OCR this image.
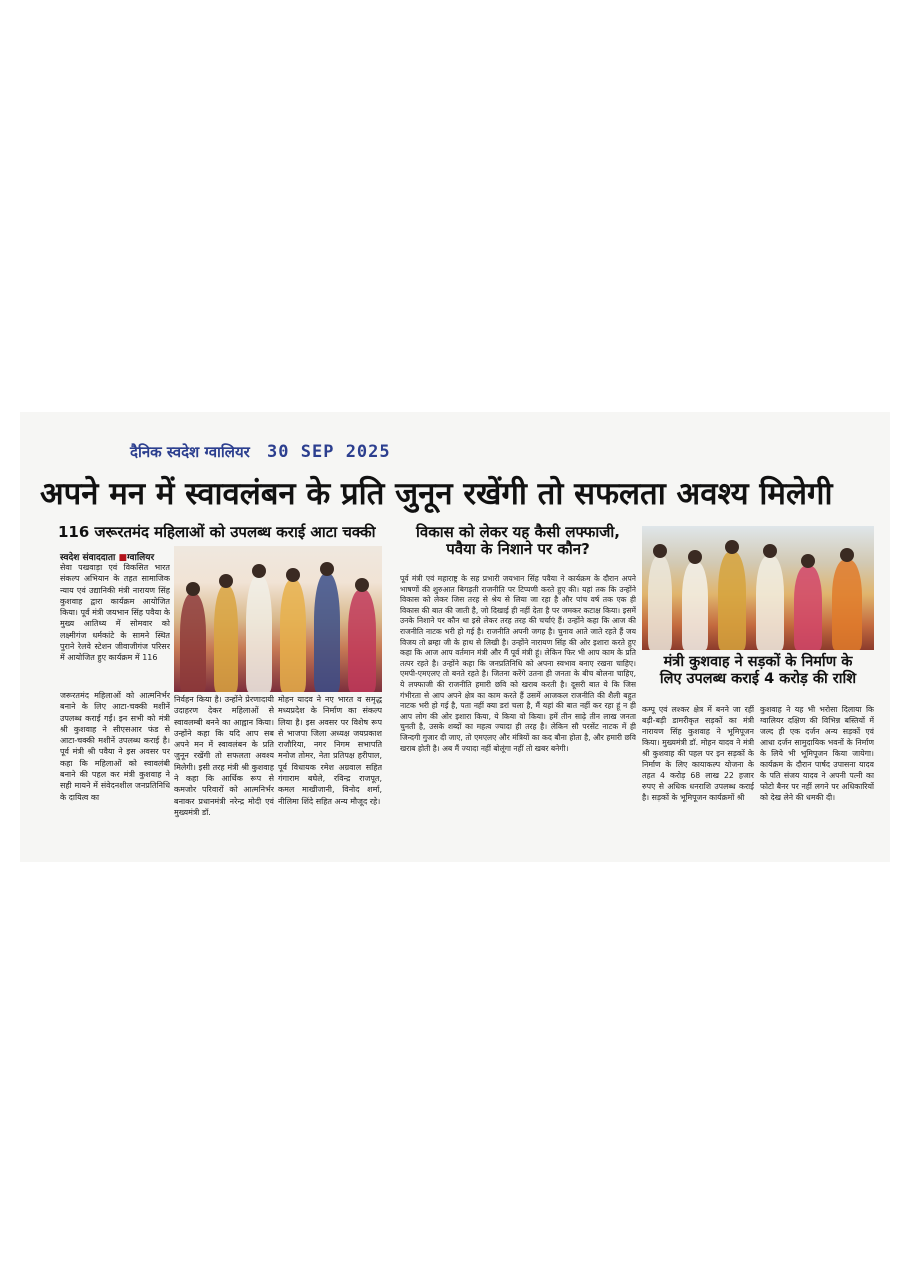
दैनिक स्वदेश ग्वालियर 30 SEP 2025
अपने मन में स्वावलंबन के प्रति जुनून रखेंगी तो सफलता अवश्य मिलेगी
116 जरूरतमंद महिलाओं को उपलब्ध कराई आटा चक्की
स्वदेश संवाददाता ■ग्वालियर
सेवा पखवाड़ा एवं विकसित भारत संकल्प अभियान के तहत सामाजिक न्याय एवं उद्यानिकी मंत्री नारायण सिंह कुशवाह द्वारा कार्यक्रम आयोजित किया। पूर्व मंत्री जयभान सिंह पवैया के मुख्य आतिथ्य में सोमवार को लक्ष्मीगंज धर्मकांटे के सामने स्थित पुराने रेलवे स्टेशन जीवाजीगंज परिसर में आयोजित हुए कार्यक्रम में 116
जरूरतमंद महिलाओं को आत्मनिर्भर बनाने के लिए आटा-चक्की मशीनें उपलब्ध कराई गईं। इन सभी को मंत्री श्री कुशवाह ने सीएसआर फंड से आटा-चक्की मशीनें उपलब्ध कराई है। पूर्व मंत्री श्री पवैया ने इस अवसर पर कहा कि महिलाओं को स्वावलंबी बनाने की पहल कर मंत्री कुशवाह ने सही मायने में संवेदनशील जनप्रतिनिधि के दायित्व का
निर्वहन किया है। उन्होंने प्रेरणादायी उदाहरण देकर महिलाओं से स्वावलम्बी बनने का आह्वान किया। उन्होंने कहा कि यदि आप सब अपने मन में स्वावलंबन के प्रति जुनून रखेंगी तो सफलता अवश्य मिलेगी। इसी तरह मंत्री श्री कुशवाह ने कहा कि आर्थिक रूप से कमजोर परिवारों को आत्मनिर्भर बनाकर प्रधानमंत्री नरेन्द्र मोदी एवं मुख्यमंत्री डॉ.
मोहन यादव ने नए भारत व समृद्ध मध्यप्रदेश के निर्माण का संकल्प लिया है। इस अवसर पर विशेष रूप से भाजपा जिला अध्यक्ष जयप्रकाश राजौरिया, नगर निगम सभापति मनोज तोमर, नेता प्रतिपक्ष हरीपाल, पूर्व विधायक रमेश अग्रवाल सहित गंगाराम बघेले, रविन्द्र राजपूत, कमल माखीजानी, विनोद शर्मा, नीलिमा शिंदे सहित अन्य मौजूद रहे।
विकास को लेकर यह कैसी लफ्फाजी,
पवैया के निशाने पर कौन?
पूर्व मंत्री एवं महाराष्ट्र के सह प्रभारी जयभान सिंह पवैया ने कार्यक्रम के दौरान अपने भाषणों की शुरुआत बिगड़ती राजनीति पर टिप्पणी करते हुए की। यहां तक कि उन्होंने विकास को लेकर जिस तरह से श्रेय से लिया जा रहा है और पांच वर्ष तक एक ही विकास की बात की जाती है, जो दिखाई ही नहीं देता है पर जमकर कटाक्ष किया। इसमें उनके निशाने पर कौन था इसे लेकर तरह तरह की चर्चाएं हैं। उन्होंने कहा कि आज की राजनीति नाटक भरी हो गई है। राजनीति अपनी जगह है। चुनाव आते जाते रहते हैं जय विजय तो ब्रम्हा जी के हाथ से लिखी है। उन्होंने नारायण सिंह की ओर इशारा करते हुए कहा कि आज आप वर्तमान मंत्री और मैं पूर्व मंत्री हूं। लेकिन फिर भी आप काम के प्रति तत्पर रहते है। उन्होंने कहा कि जनप्रतिनिधि को अपना स्वभाव बनाए रखना चाहिए। एमपी-एमएलए तो बनते रहते है। जितना करेंगे उतना ही जनता के बीच बोलना चाहिए, ये लफ्फाजी की राजनीति हमारी छवि को खराब करती है। दूसरी बात ये कि जिस गंभीरता से आप अपने क्षेत्र का काम करते हैं उसमें आजकल राजनीति की शैली बहुत नाटक भरी हो गई है, पता नहीं क्या डरां चला है, मैं यहां की बात नहीं कर रहा हूं न ही आप लोग की ओर इशारा किया, ये किया वो किया। हमें तीन साढ़े तीन लाख जनता चुनती है, उसके शब्दों का महत्व ज्यादा ही तरह है। लेकिन सौ परसेंट नाटक में ही जिन्दगी गुजार दी जाए, तो एमएलए और मंत्रियों का कद बौना होता है, और हमारी छवि खराब होती है। अब मैं ज्यादा नहीं बोलूंगा नहीं तो खबर बनेगी।
मंत्री कुशवाह ने सड़कों के निर्माण के
लिए उपलब्ध कराई 4 करोड़ की राशि
कम्पू एवं लश्कर क्षेत्र में बनने जा रहीं बड़ी-बड़ी डामरीकृत सड़कों का मंत्री नारायण सिंह कुशवाह ने भूमिपूजन किया। मुख्यमंत्री डॉ. मोहन यादव ने मंत्री श्री कुशवाह की पहल पर इन सड़कों के निर्माण के लिए कायाकल्प योजना के तहत 4 करोड़ 68 लाख 22 हजार रुपए से अधिक धनराशि उपलब्ध कराई है। सड़कों के भूमिपूजन कार्यक्रमों श्री
कुशवाह ने यह भी भरोसा दिलाया कि ग्वालियर दक्षिण की विभिन्न बस्तियों में जल्द ही एक दर्जन अन्य सड़कों एवं आधा दर्जन सामुदायिक भवनों के निर्माण के लिये भी भूमिपूजन किया जायेगा। कार्यक्रम के दौरान पार्षद उपासना यादव के पति संजय यादव ने अपनी पत्नी का फोटो बैनर पर नहीं लगने पर अधिकारियों को देख लेने की धमकी दी।
